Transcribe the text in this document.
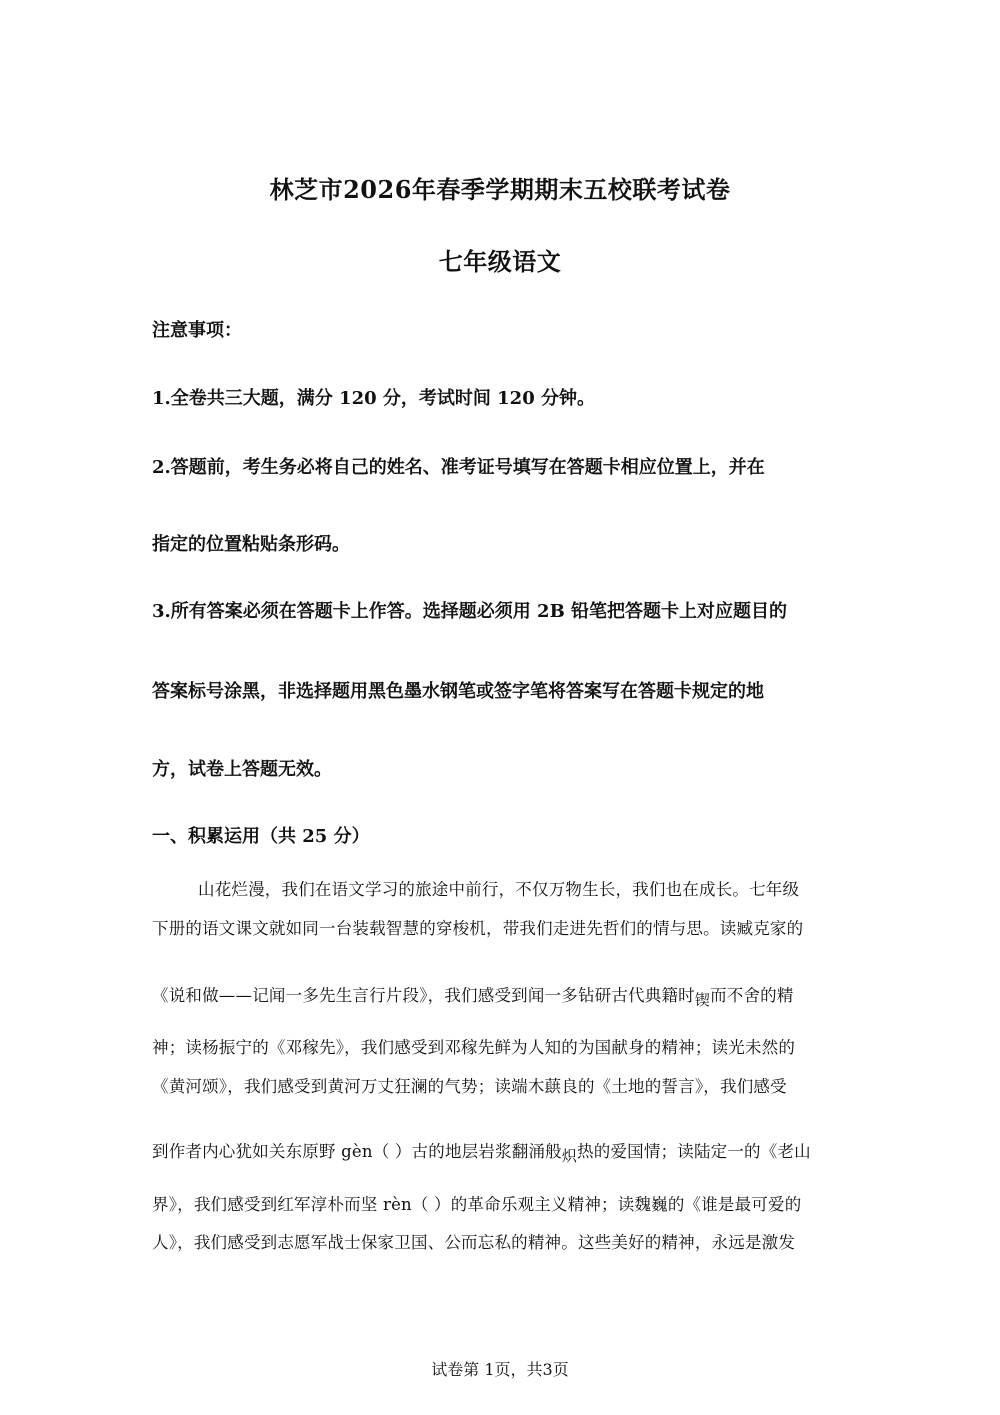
林芝市2026年春季学期期末五校联考试卷
七年级语文
注意事项：
1.全卷共三大题，满分 120 分，考试时间 120 分钟。
2.答题前，考生务必将自己的姓名、准考证号填写在答题卡相应位置上，并在
指定的位置粘贴条形码。
3.所有答案必须在答题卡上作答。选择题必须用 2B 铅笔把答题卡上对应题目的
答案标号涂黑，非选择题用黑色墨水钢笔或签字笔将答案写在答题卡规定的地
方，试卷上答题无效。
一、积累运用（共 25 分）
山花烂漫，我们在语文学习的旅途中前行，不仅万物生长，我们也在成长。七年级
下册的语文课文就如同一台装载智慧的穿梭机，带我们走进先哲们的情与思。读臧克家的
《说和做——记闻一多先生言行片段》，我们感受到闻一多钻研古代典籍时锲而不舍的精
神；读杨振宁的《邓稼先》，我们感受到邓稼先鲜为人知的为国献身的精神；读光未然的
《黄河颂》，我们感受到黄河万丈狂澜的气势；读端木蕻良的《土地的誓言》，我们感受
到作者内心犹如关东原野 gèn（ ）古的地层岩浆翻涌般炽热的爱国情；读陆定一的《老山
界》，我们感受到红军淳朴而坚 rèn（ ）的革命乐观主义精神；读魏巍的《谁是最可爱的
人》，我们感受到志愿军战士保家卫国、公而忘私的精神。这些美好的精神，永远是激发
试卷第 1页，共3页
